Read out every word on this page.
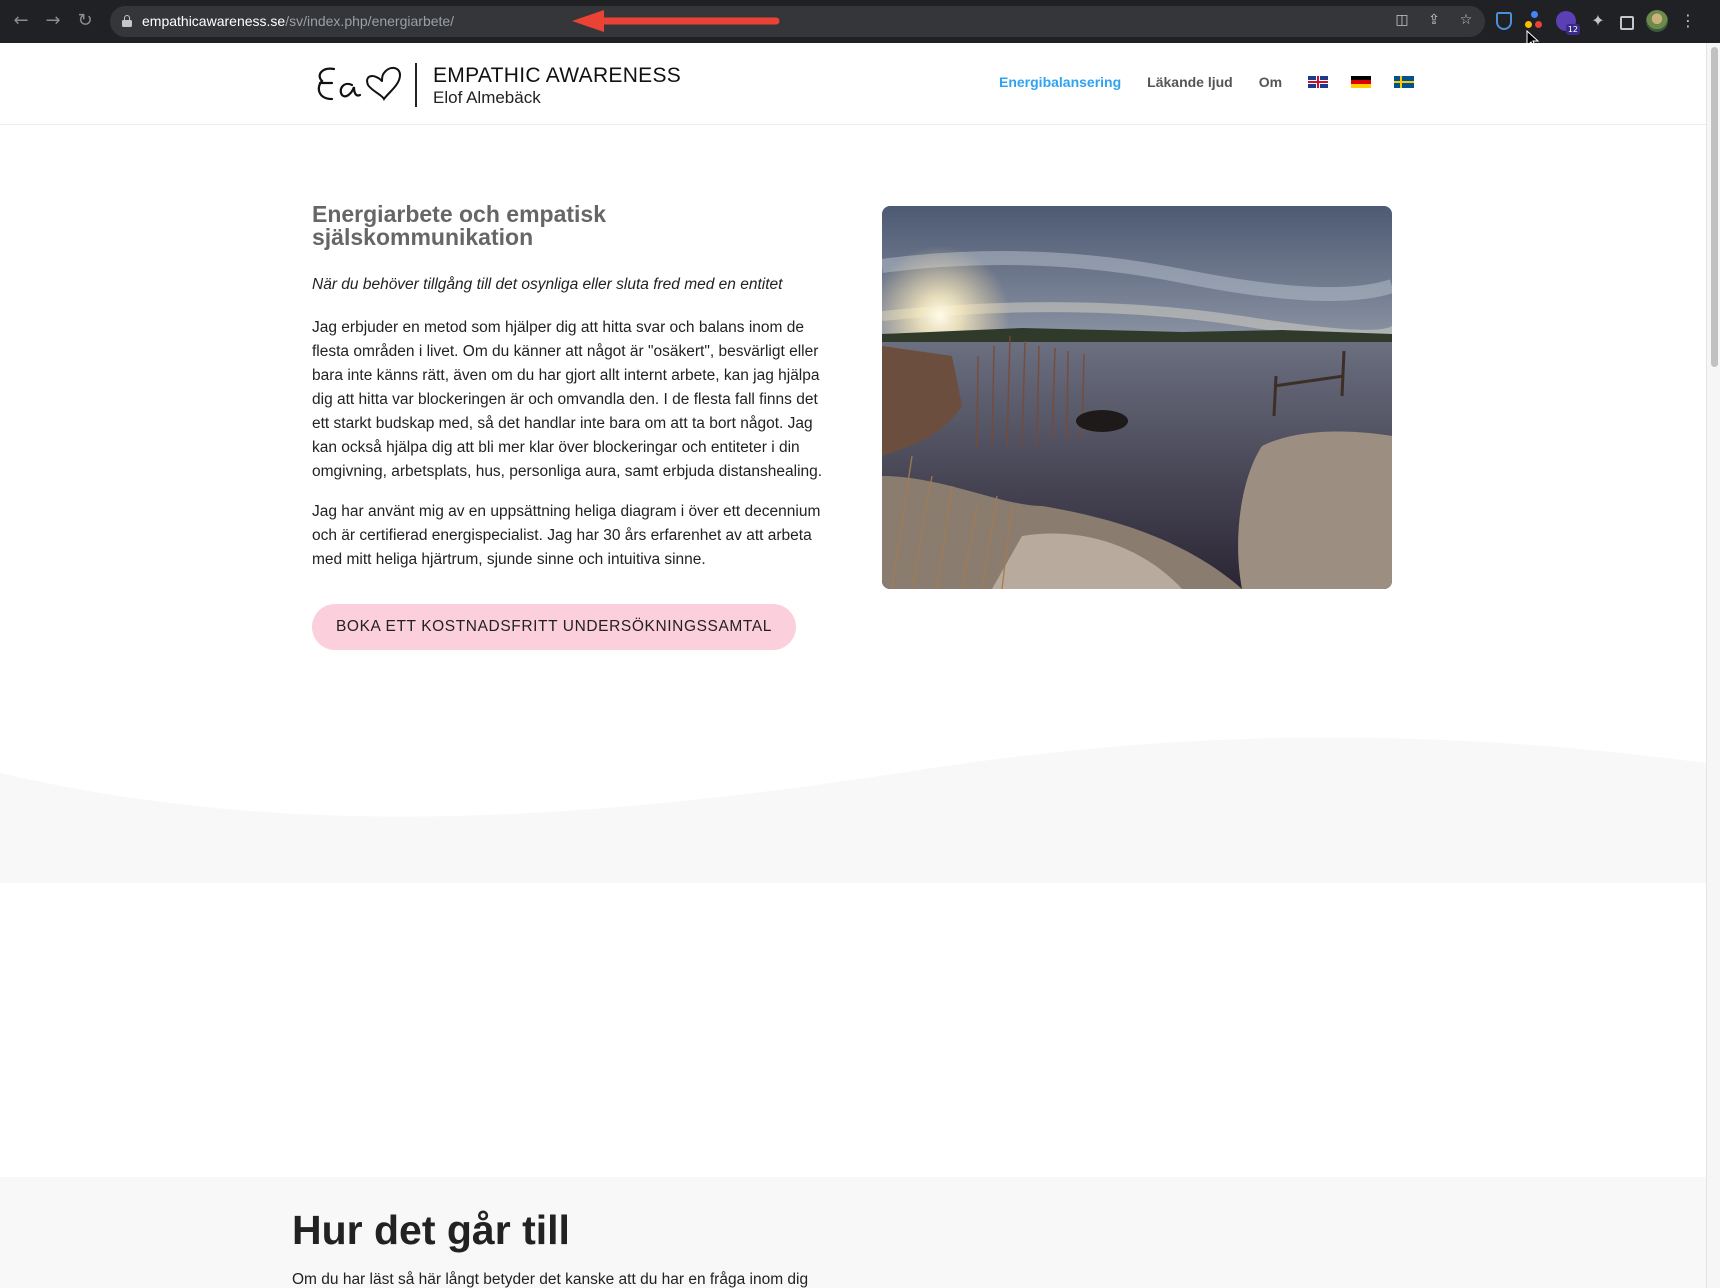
← → ↻	empathicawareness.se/sv/index.php/energiarbete/	◫ ⇪ ☆
12 ✦	⋮
EMPATHIC AWARENESS
Elof Almebäck
Energibalansering Läkande ljud Om
Energiarbete och empatisk
själskommunikation

När du behöver tillgång till det osynliga eller sluta fred med en entitet

Jag erbjuder en metod som hjälper dig att hitta svar och balans inom de flesta områden i livet. Om du känner att något är "osäkert", besvärligt eller bara inte känns rätt, även om du har gjort allt internt arbete, kan jag hjälpa dig att hitta var blockeringen är och omvandla den. I de flesta fall finns det ett starkt budskap med, så det handlar inte bara om att ta bort något. Jag kan också hjälpa dig att bli mer klar över blockeringar och entiteter i din omgivning, arbetsplats, hus, personliga aura, samt erbjuda distanshealing.

Jag har använt mig av en uppsättning heliga diagram i över ett decennium och är certifierad energispecialist. Jag har 30 års erfarenhet av att arbeta med mitt heliga hjärtrum, sjunde sinne och intuitiva sinne.

BOKA ETT KOSTNADSFRITT UNDERSÖKNINGSSAMTAL
Hur det går till

Om du har läst så här långt betyder det kanske att du har en fråga inom dig
